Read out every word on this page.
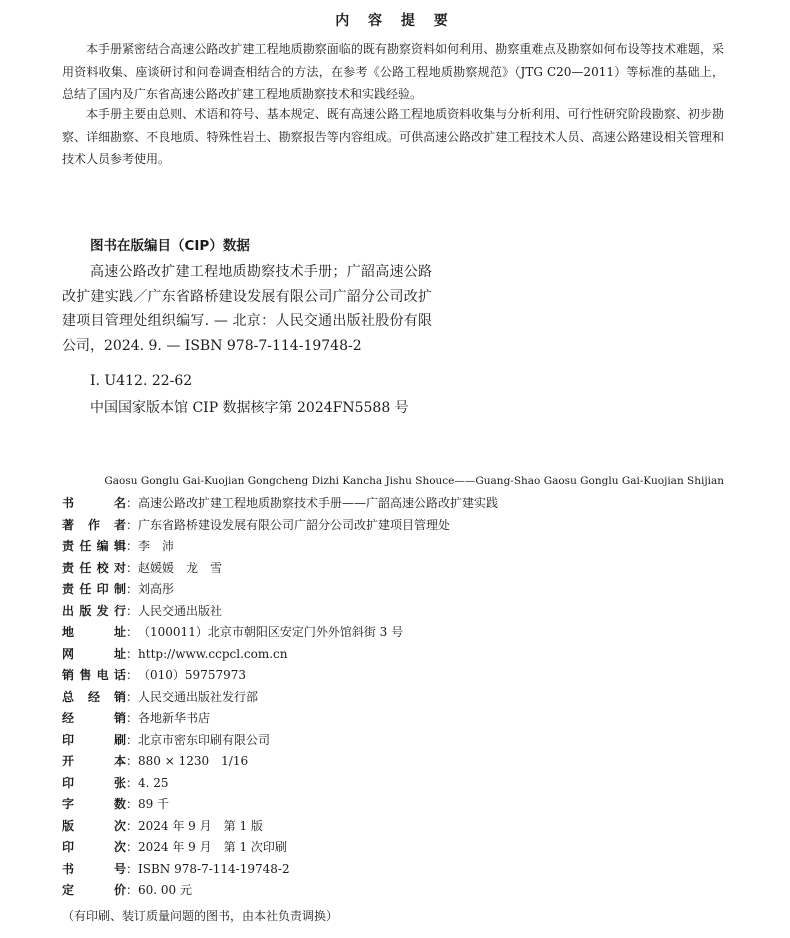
内 容 提 要

本手册紧密结合高速公路改扩建工程地质勘察面临的既有勘察资料如何利用、勘察重难点及勘察如何布设等技术难题，采用资料收集、座谈研讨和问卷调查相结合的方法，在参考《公路工程地质勘察规范》（JTG C20—2011）等标准的基础上，总结了国内及广东省高速公路改扩建工程地质勘察技术和实践经验。

本手册主要由总则、术语和符号、基本规定、既有高速公路工程地质资料收集与分析利用、可行性研究阶段勘察、初步勘察、详细勘察、不良地质、特殊性岩土、勘察报告等内容组成。可供高速公路改扩建工程技术人员、高速公路建设相关管理和技术人员参考使用。

图书在版编目（CIP）数据

高速公路改扩建工程地质勘察技术手册；广韶高速公路改扩建实践／广东省路桥建设发展有限公司广韶分公司改扩建项目管理处组织编写. — 北京：人民交通出版社股份有限公司，2024. 9. — ISBN 978-7-114-19748-2

Ⅰ. U412. 22-62
中国国家版本馆 CIP 数据核字第 2024FN5588 号
Gaosu Gonglu Gai-Kuojian Gongcheng Dizhi Kancha Jishu Shouce——Guang-Shao Gaosu Gonglu Gai-Kuojian Shijian
书名：高速公路改扩建工程地质勘察技术手册——广韶高速公路改扩建实践
著作者：广东省路桥建设发展有限公司广韶分公司改扩建项目管理处
责任编辑：李　沛
责任校对：赵媛媛　龙　雪
责任印制：刘高彤
出版发行：人民交通出版社
地址：（100011）北京市朝阳区安定门外外馆斜街 3 号
网址：http://www.ccpcl.com.cn
销售电话：（010）59757973
总经销：人民交通出版社发行部
经销：各地新华书店
印刷：北京市密东印刷有限公司
开本：880 × 1230　1/16
印张：4. 25
字数：89 千
版次：2024 年 9 月　第 1 版
印次：2024 年 9 月　第 1 次印刷
书号：ISBN 978-7-114-19748-2
定价：60. 00 元
（有印刷、装订质量问题的图书，由本社负责调换）
